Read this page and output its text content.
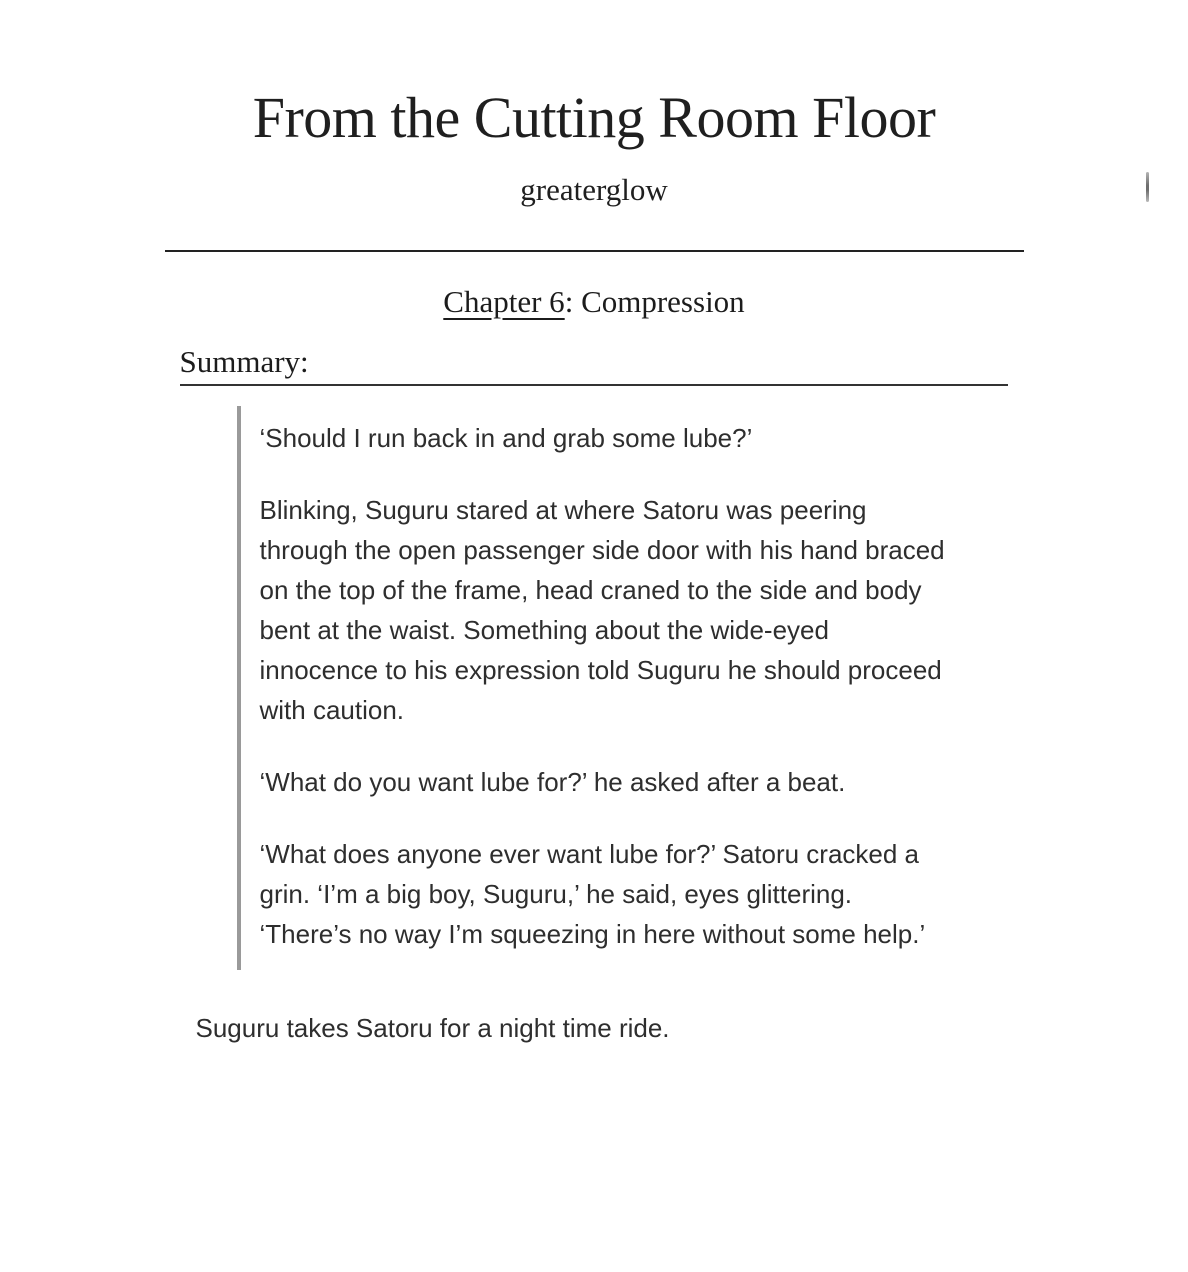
From the Cutting Room Floor
greaterglow
Chapter 6: Compression
Summary:

‘Should I run back in and grab some lube?’

Blinking, Suguru stared at where Satoru was peering through the open passenger side door with his hand braced on the top of the frame, head craned to the side and body bent at the waist. Something about the wide-eyed innocence to his expression told Suguru he should proceed with caution.

‘What do you want lube for?’ he asked after a beat.

‘What does anyone ever want lube for?’ Satoru cracked a grin. ‘I’m a big boy, Suguru,’ he said, eyes glittering. ‘There’s no way I’m squeezing in here without some help.’

Suguru takes Satoru for a night time ride.
